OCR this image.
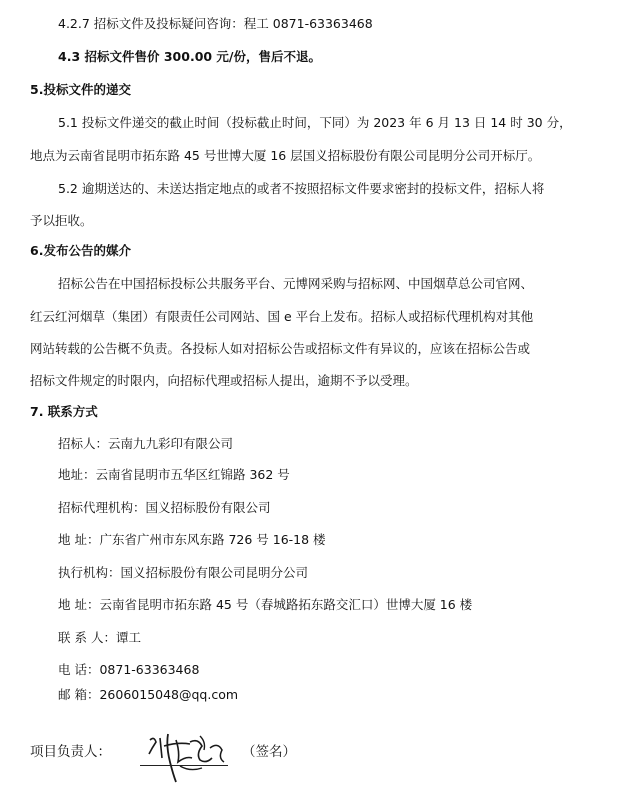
4.2.7 招标文件及投标疑问咨询：程工 0871-63363468
4.3 招标文件售价 300.00 元/份，售后不退。
5.投标文件的递交
5.1 投标文件递交的截止时间（投标截止时间，下同）为 2023 年 6 月 13 日 14 时 30 分，
地点为云南省昆明市拓东路 45 号世博大厦 16 层国义招标股份有限公司昆明分公司开标厅。
5.2 逾期送达的、未送达指定地点的或者不按照招标文件要求密封的投标文件，招标人将
予以拒收。
6.发布公告的媒介
招标公告在中国招标投标公共服务平台、元博网采购与招标网、中国烟草总公司官网、
红云红河烟草（集团）有限责任公司网站、国 e 平台上发布。招标人或招标代理机构对其他
网站转载的公告概不负责。各投标人如对招标公告或招标文件有异议的，应该在招标公告或
招标文件规定的时限内，向招标代理或招标人提出，逾期不予以受理。
7. 联系方式
招标人：云南九九彩印有限公司
地址：云南省昆明市五华区红锦路 362 号
招标代理机构：国义招标股份有限公司
地 址：广东省广州市东风东路 726 号 16-18 楼
执行机构：国义招标股份有限公司昆明分公司
地 址：云南省昆明市拓东路 45 号（春城路拓东路交汇口）世博大厦 16 楼
联 系 人：谭工
电 话：0871-63363468
邮 箱：2606015048@qq.com
项目负责人：	（签名）
